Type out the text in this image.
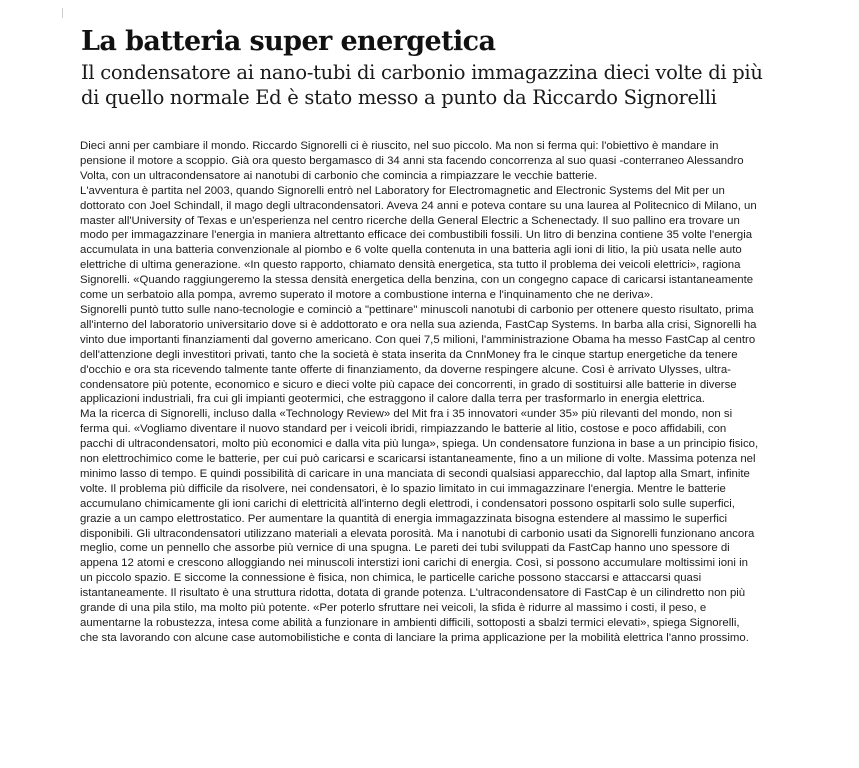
La batteria super energetica
Il condensatore ai nano-tubi di carbonio immagazzina dieci volte di più di quello normale Ed è stato messo a punto da Riccardo Signorelli

Dieci anni per cambiare il mondo. Riccardo Signorelli ci è riuscito, nel suo piccolo. Ma non si ferma qui: l'obiettivo è mandare in pensione il motore a scoppio. Già ora questo bergamasco di 34 anni sta facendo concorrenza al suo quasi -conterraneo Alessandro Volta, con un ultracondensatore ai nanotubi di carbonio che comincia a rimpiazzare le vecchie batterie.

L'avventura è partita nel 2003, quando Signorelli entrò nel Laboratory for Electromagnetic and Electronic Systems del Mit per un dottorato con Joel Schindall, il mago degli ultracondensatori. Aveva 24 anni e poteva contare su una laurea al Politecnico di Milano, un master all'University of Texas e un'esperienza nel centro ricerche della General Electric a Schenectady. Il suo pallino era trovare un modo per immagazzinare l'energia in maniera altrettanto efficace dei combustibili fossili. Un litro di benzina contiene 35 volte l'energia accumulata in una batteria convenzionale al piombo e 6 volte quella contenuta in una batteria agli ioni di litio, la più usata nelle auto elettriche di ultima generazione. «In questo rapporto, chiamato densità energetica, sta tutto il problema dei veicoli elettrici», ragiona Signorelli. «Quando raggiungeremo la stessa densità energetica della benzina, con un congegno capace di caricarsi istantaneamente come un serbatoio alla pompa, avremo superato il motore a combustione interna e l'inquinamento che ne deriva».

Signorelli puntò tutto sulle nano-tecnologie e cominciò a "pettinare" minuscoli nanotubi di carbonio per ottenere questo risultato, prima all'interno del laboratorio universitario dove si è addottorato e ora nella sua azienda, FastCap Systems. In barba alla crisi, Signorelli ha vinto due importanti finanziamenti dal governo americano. Con quei 7,5 milioni, l'amministrazione Obama ha messo FastCap al centro dell'attenzione degli investitori privati, tanto che la società è stata inserita da CnnMoney fra le cinque startup energetiche da tenere d'occhio e ora sta ricevendo talmente tante offerte di finanziamento, da doverne respingere alcune. Così è arrivato Ulysses, ultra-condensatore più potente, economico e sicuro e dieci volte più capace dei concorrenti, in grado di sostituirsi alle batterie in diverse applicazioni industriali, fra cui gli impianti geotermici, che estraggono il calore dalla terra per trasformarlo in energia elettrica.

Ma la ricerca di Signorelli, incluso dalla «Technology Review» del Mit fra i 35 innovatori «under 35» più rilevanti del mondo, non si ferma qui. «Vogliamo diventare il nuovo standard per i veicoli ibridi, rimpiazzando le batterie al litio, costose e poco affidabili, con pacchi di ultracondensatori, molto più economici e dalla vita più lunga», spiega. Un condensatore funziona in base a un principio fisico, non elettrochimico come le batterie, per cui può caricarsi e scaricarsi istantaneamente, fino a un milione di volte. Massima potenza nel minimo lasso di tempo. E quindi possibilità di caricare in una manciata di secondi qualsiasi apparecchio, dal laptop alla Smart, infinite volte. Il problema più difficile da risolvere, nei condensatori, è lo spazio limitato in cui immagazzinare l'energia. Mentre le batterie accumulano chimicamente gli ioni carichi di elettricità all'interno degli elettrodi, i condensatori possono ospitarli solo sulle superfici, grazie a un campo elettrostatico. Per aumentare la quantità di energia immagazzinata bisogna estendere al massimo le superfici disponibili. Gli ultracondensatori utilizzano materiali a elevata porosità. Ma i nanotubi di carbonio usati da Signorelli funzionano ancora meglio, come un pennello che assorbe più vernice di una spugna. Le pareti dei tubi sviluppati da FastCap hanno uno spessore di appena 12 atomi e crescono alloggiando nei minuscoli interstizi ioni carichi di energia. Così, si possono accumulare moltissimi ioni in un piccolo spazio. E siccome la connessione è fisica, non chimica, le particelle cariche possono staccarsi e attaccarsi quasi istantaneamente. Il risultato è una struttura ridotta, dotata di grande potenza. L'ultracondensatore di FastCap è un cilindretto non più grande di una pila stilo, ma molto più potente. «Per poterlo sfruttare nei veicoli, la sfida è ridurre al massimo i costi, il peso, e aumentarne la robustezza, intesa come abilità a funzionare in ambienti difficili, sottoposti a sbalzi termici elevati», spiega Signorelli, che sta lavorando con alcune case automobilistiche e conta di lanciare la prima applicazione per la mobilità elettrica l'anno prossimo.
